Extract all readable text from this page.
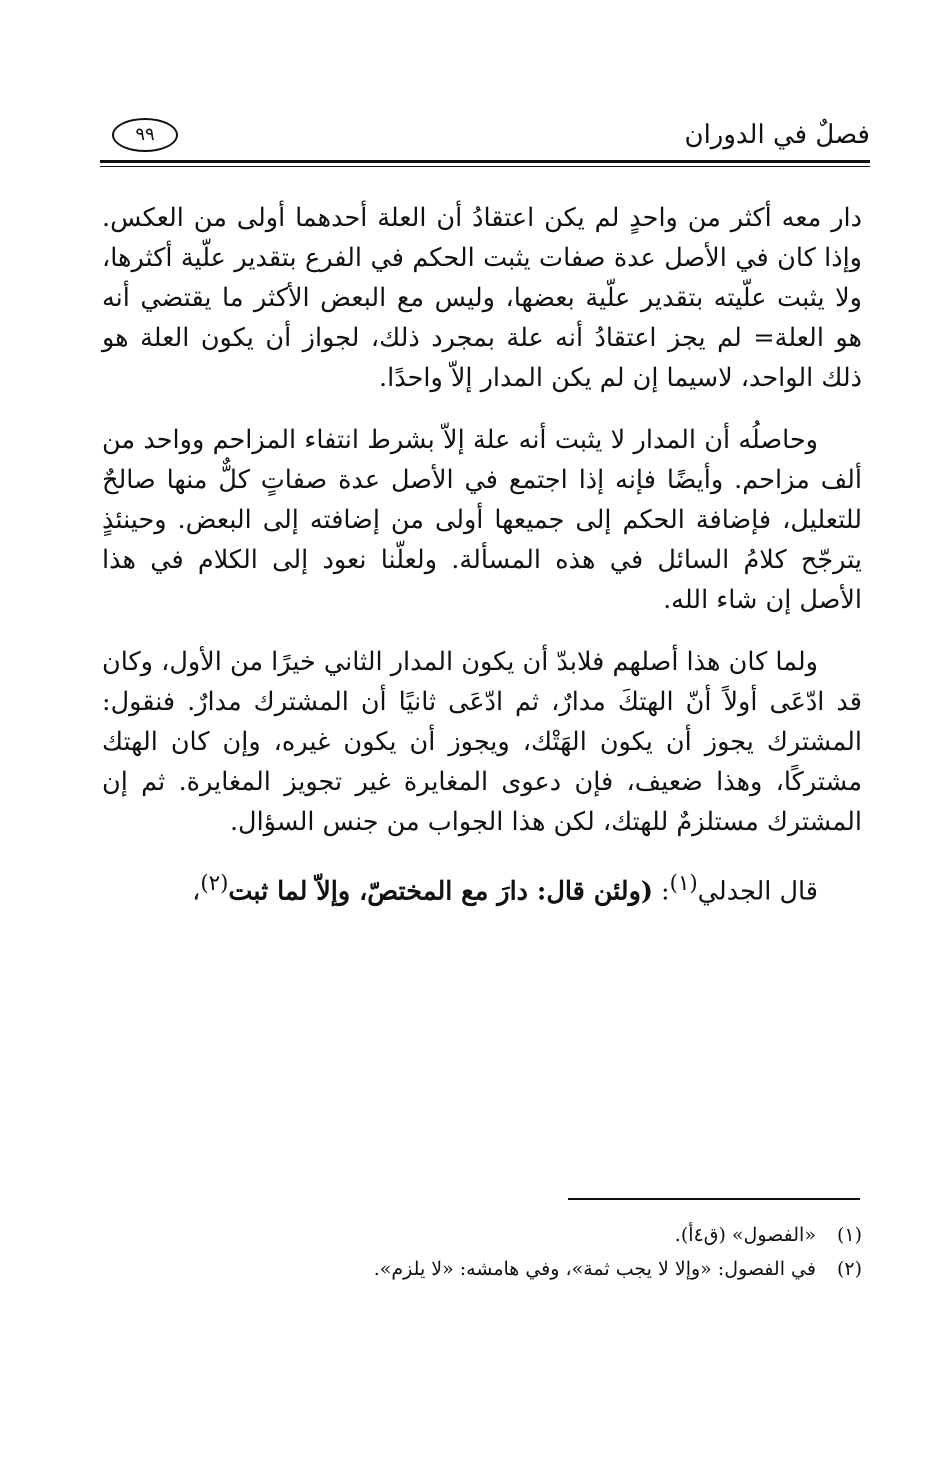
فصلٌ في الدوران
٩٩

دار معه أكثر من واحدٍ لم يكن اعتقادُ أن العلة أحدهما أولى من العكس. وإذا كان في الأصل عدة صفات يثبت الحكم في الفرع بتقدير علّية أكثرها، ولا يثبت علّيته بتقدير علّية بعضها، وليس مع البعض الأكثر ما يقتضي أنه هو العلة= لم يجز اعتقادُ أنه علة بمجرد ذلك، لجواز أن يكون العلة هو ذلك الواحد، لاسيما إن لم يكن المدار إلاّ واحدًا.

وحاصلُه أن المدار لا يثبت أنه علة إلاّ بشرط انتفاء المزاحم وواحد من ألف مزاحم. وأيضًا فإنه إذا اجتمع في الأصل عدة صفاتٍ كلٌّ منها صالحٌ للتعليل، فإضافة الحكم إلى جميعها أولى من إضافته إلى البعض. وحينئذٍ يترجّح كلامُ السائل في هذه المسألة. ولعلّنا نعود إلى الكلام في هذا الأصل إن شاء الله.

ولما كان هذا أصلهم فلابدّ أن يكون المدار الثاني خيرًا من الأول، وكان قد ادّعَى أولاً أنّ الهتكَ مدارٌ، ثم ادّعَى ثانيًا أن المشترك مدارٌ. فنقول: المشترك يجوز أن يكون الهَتْك، ويجوز أن يكون غيره، وإن كان الهتك مشتركًا، وهذا ضعيف، فإن دعوى المغايرة غير تجويز المغايرة. ثم إن المشترك مستلزمٌ للهتك، لكن هذا الجواب من جنس السؤال.

قال الجدلي$^{(١)}$: (ولئن قال: دارَ مع المختصّ، وإلاّ لما ثبت$^{(٢)}$،

(١) «الفصول» (ق٤أ).
(٢) في الفصول: «وإلا لا يجب ثمة»، وفي هامشه: «لا يلزم».
